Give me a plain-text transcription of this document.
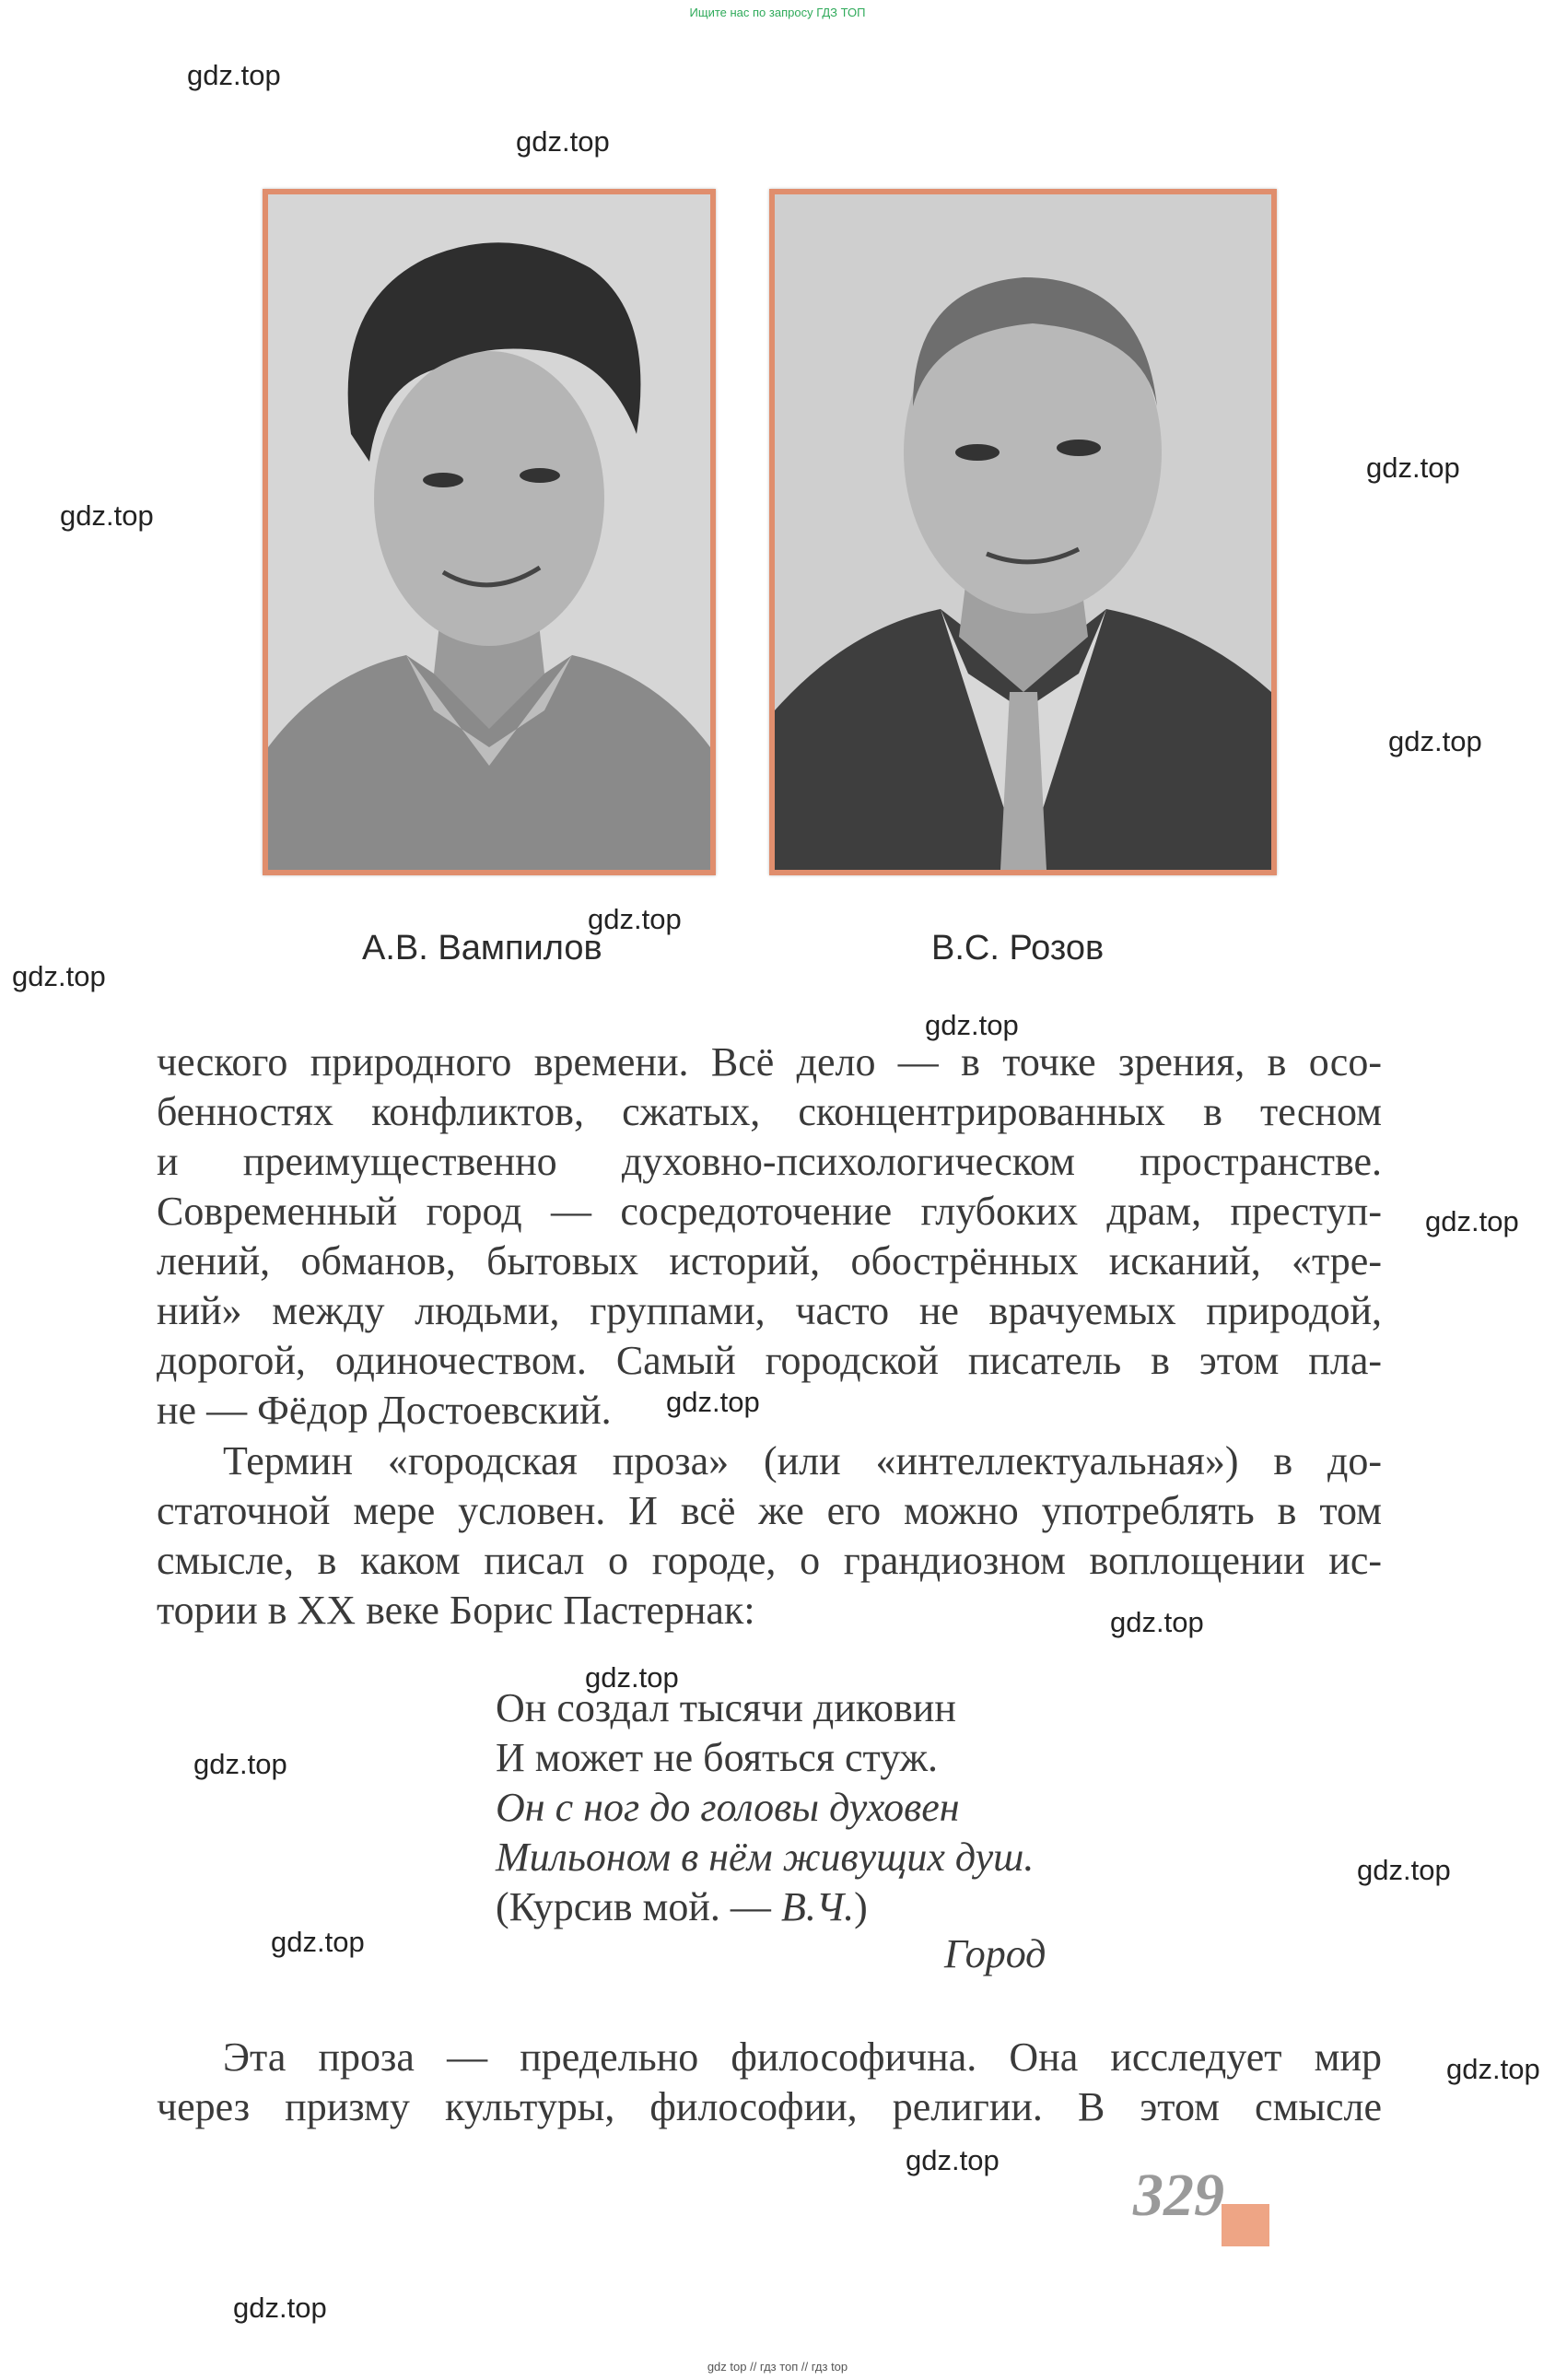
Ищите нас по запросу ГДЗ ТОП
gdz.top
gdz.top
gdz.top
gdz.top
gdz.top
gdz.top
gdz.top
gdz.top
gdz.top
gdz.top
gdz.top
gdz.top
gdz.top
gdz.top
gdz.top
gdz.top
gdz.top
gdz.top
А.В. Вампилов	В.С. Розов
ческого природного времени. Всё дело — в точке зрения, в осо-
бенностях конфликтов, сжатых, сконцентрированных в тесном
и преимущественно духовно-психологическом пространстве.
Современный город — сосредоточение глубоких драм, преступ-
лений, обманов, бытовых историй, обострённых исканий, «тре-
ний» между людьми, группами, часто не врачуемых природой,
дорогой, одиночеством. Самый городской писатель в этом пла-
не — Фёдор Достоевский.
Термин «городская проза» (или «интеллектуальная») в до-
статочной мере условен. И всё же его можно употреблять в том
смысле, в каком писал о городе, о грандиозном воплощении ис-
тории в XX веке Борис Пастернак:
Он создал тысячи диковин
И может не бояться стуж.
Он с ног до головы духовен
Мильоном в нём живущих душ.
(Курсив мой. — В.Ч.)
Город
Эта проза — предельно философична. Она исследует мир
через призму культуры, философии, религии. В этом смысле
329
gdz top // гдз топ // гдз top
